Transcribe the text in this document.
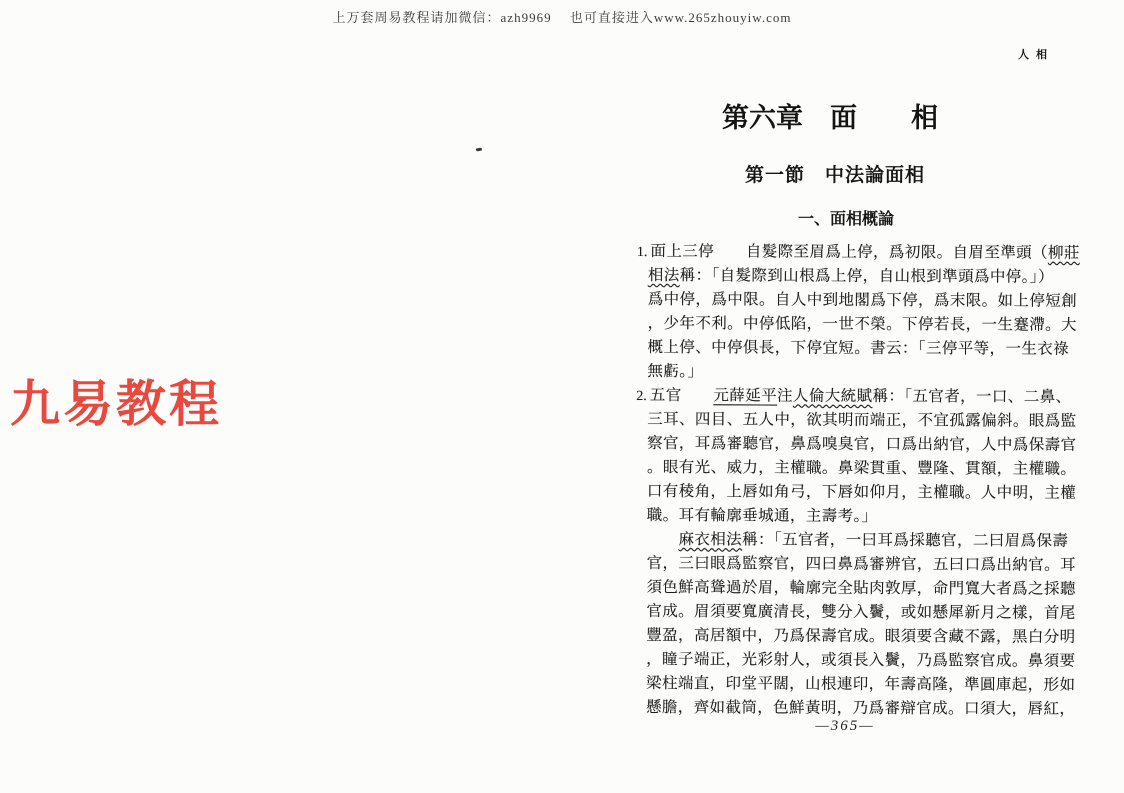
上万套周易教程请加微信：azh9969　 也可直接进入www.265zhouyiw.com
人相
九易教程
第六章　面　　相
第一節　中法論面相
一、面相概論
1. 面上三停　　自髮際至眉爲上停，爲初限。自眉至準頭（柳莊
相法稱：「自髮際到山根爲上停，自山根到準頭爲中停。」）
爲中停，爲中限。自人中到地閣爲下停，爲末限。如上停短創
，少年不利。中停低陷，一世不榮。下停若長，一生蹇滯。大
概上停、中停俱長，下停宜短。書云：「三停平等，一生衣祿
無虧。」
2. 五官　　元薛延平注人倫大統賦稱：「五官者，一口、二鼻、
三耳、四目、五人中，欲其明而端正，不宜孤露偏斜。眼爲監
察官，耳爲審聽官，鼻爲嗅臭官，口爲出納官，人中爲保壽官
。眼有光、威力，主權職。鼻梁貫重、豐隆、貫額，主權職。
口有稜角，上唇如角弓，下唇如仰月，主權職。人中明，主權
職。耳有輪廓垂城通，主壽考。」
　　麻衣相法稱：「五官者，一曰耳爲採聽官，二曰眉爲保壽
官，三曰眼爲監察官，四曰鼻爲審辨官，五曰口爲出納官。耳
須色鮮高聳過於眉，輪廓完全貼肉敦厚，命門寬大者爲之採聽
官成。眉須要寬廣清長，雙分入鬢，或如懸犀新月之樣，首尾
豐盈，高居額中，乃爲保壽官成。眼須要含藏不露，黑白分明
，瞳子端正，光彩射人，或須長入鬢，乃爲監察官成。鼻須要
梁柱端直，印堂平闊，山根連印，年壽高隆，準圓庫起，形如
懸膽，齊如截筒，色鮮黃明，乃爲審辯官成。口須大，唇紅，
—365—
